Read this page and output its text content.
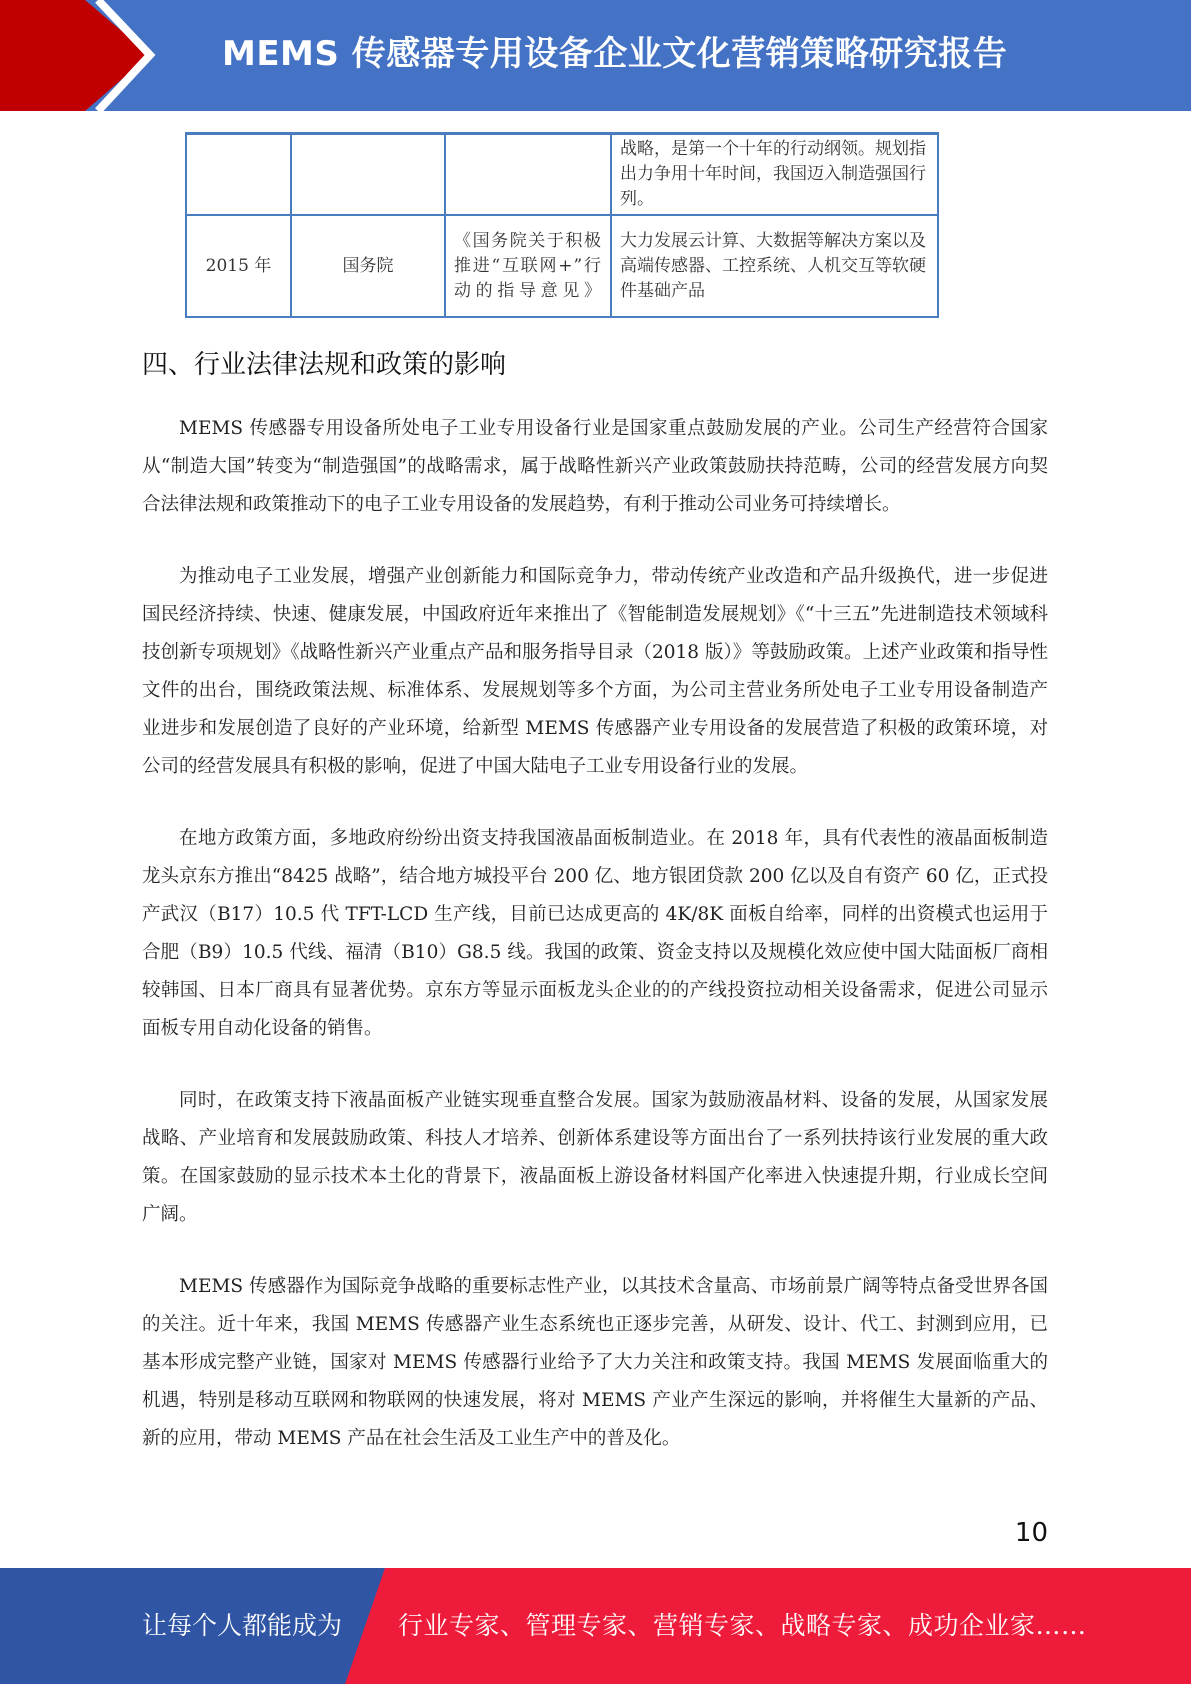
MEMS 传感器专用设备企业文化营销策略研究报告
			战略，是第一个十年的行动纲领。规划指出力争用十年时间，我国迈入制造强国行列。
2015 年	国务院	《国务院关于积极推进“互联网+”行动的指导意见》	大力发展云计算、大数据等解决方案以及高端传感器、工控系统、人机交互等软硬件基础产品
四、行业法律法规和政策的影响

MEMS 传感器专用设备所处电子工业专用设备行业是国家重点鼓励发展的产业。公司生产经营符合国家从“制造大国”转变为“制造强国”的战略需求，属于战略性新兴产业政策鼓励扶持范畴，公司的经营发展方向契合法律法规和政策推动下的电子工业专用设备的发展趋势，有利于推动公司业务可持续增长。

为推动电子工业发展，增强产业创新能力和国际竞争力，带动传统产业改造和产品升级换代，进一步促进国民经济持续、快速、健康发展，中国政府近年来推出了《智能制造发展规划》《“十三五”先进制造技术领域科技创新专项规划》《战略性新兴产业重点产品和服务指导目录（2018 版）》等鼓励政策。上述产业政策和指导性文件的出台，围绕政策法规、标准体系、发展规划等多个方面，为公司主营业务所处电子工业专用设备制造产业进步和发展创造了良好的产业环境，给新型 MEMS 传感器产业专用设备的发展营造了积极的政策环境，对公司的经营发展具有积极的影响，促进了中国大陆电子工业专用设备行业的发展。

在地方政策方面，多地政府纷纷出资支持我国液晶面板制造业。在 2018 年，具有代表性的液晶面板制造龙头京东方推出“8425 战略”，结合地方城投平台 200 亿、地方银团贷款 200 亿以及自有资产 60 亿，正式投产武汉（B17）10.5 代 TFT-LCD 生产线，目前已达成更高的 4K/8K 面板自给率，同样的出资模式也运用于合肥（B9）10.5 代线、福清（B10）G8.5 线。我国的政策、资金支持以及规模化效应使中国大陆面板厂商相较韩国、日本厂商具有显著优势。京东方等显示面板龙头企业的的产线投资拉动相关设备需求，促进公司显示面板专用自动化设备的销售。

同时，在政策支持下液晶面板产业链实现垂直整合发展。国家为鼓励液晶材料、设备的发展，从国家发展战略、产业培育和发展鼓励政策、科技人才培养、创新体系建设等方面出台了一系列扶持该行业发展的重大政策。在国家鼓励的显示技术本土化的背景下，液晶面板上游设备材料国产化率进入快速提升期，行业成长空间广阔。

MEMS 传感器作为国际竞争战略的重要标志性产业，以其技术含量高、市场前景广阔等特点备受世界各国的关注。近十年来，我国 MEMS 传感器产业生态系统也正逐步完善，从研发、设计、代工、封测到应用，已基本形成完整产业链，国家对 MEMS 传感器行业给予了大力关注和政策支持。我国 MEMS 发展面临重大的机遇，特别是移动互联网和物联网的快速发展，将对 MEMS 产业产生深远的影响，并将催生大量新的产品、新的应用，带动 MEMS 产品在社会生活及工业生产中的普及化。

10
让每个人都能成为 行业专家、管理专家、营销专家、战略专家、成功企业家……
